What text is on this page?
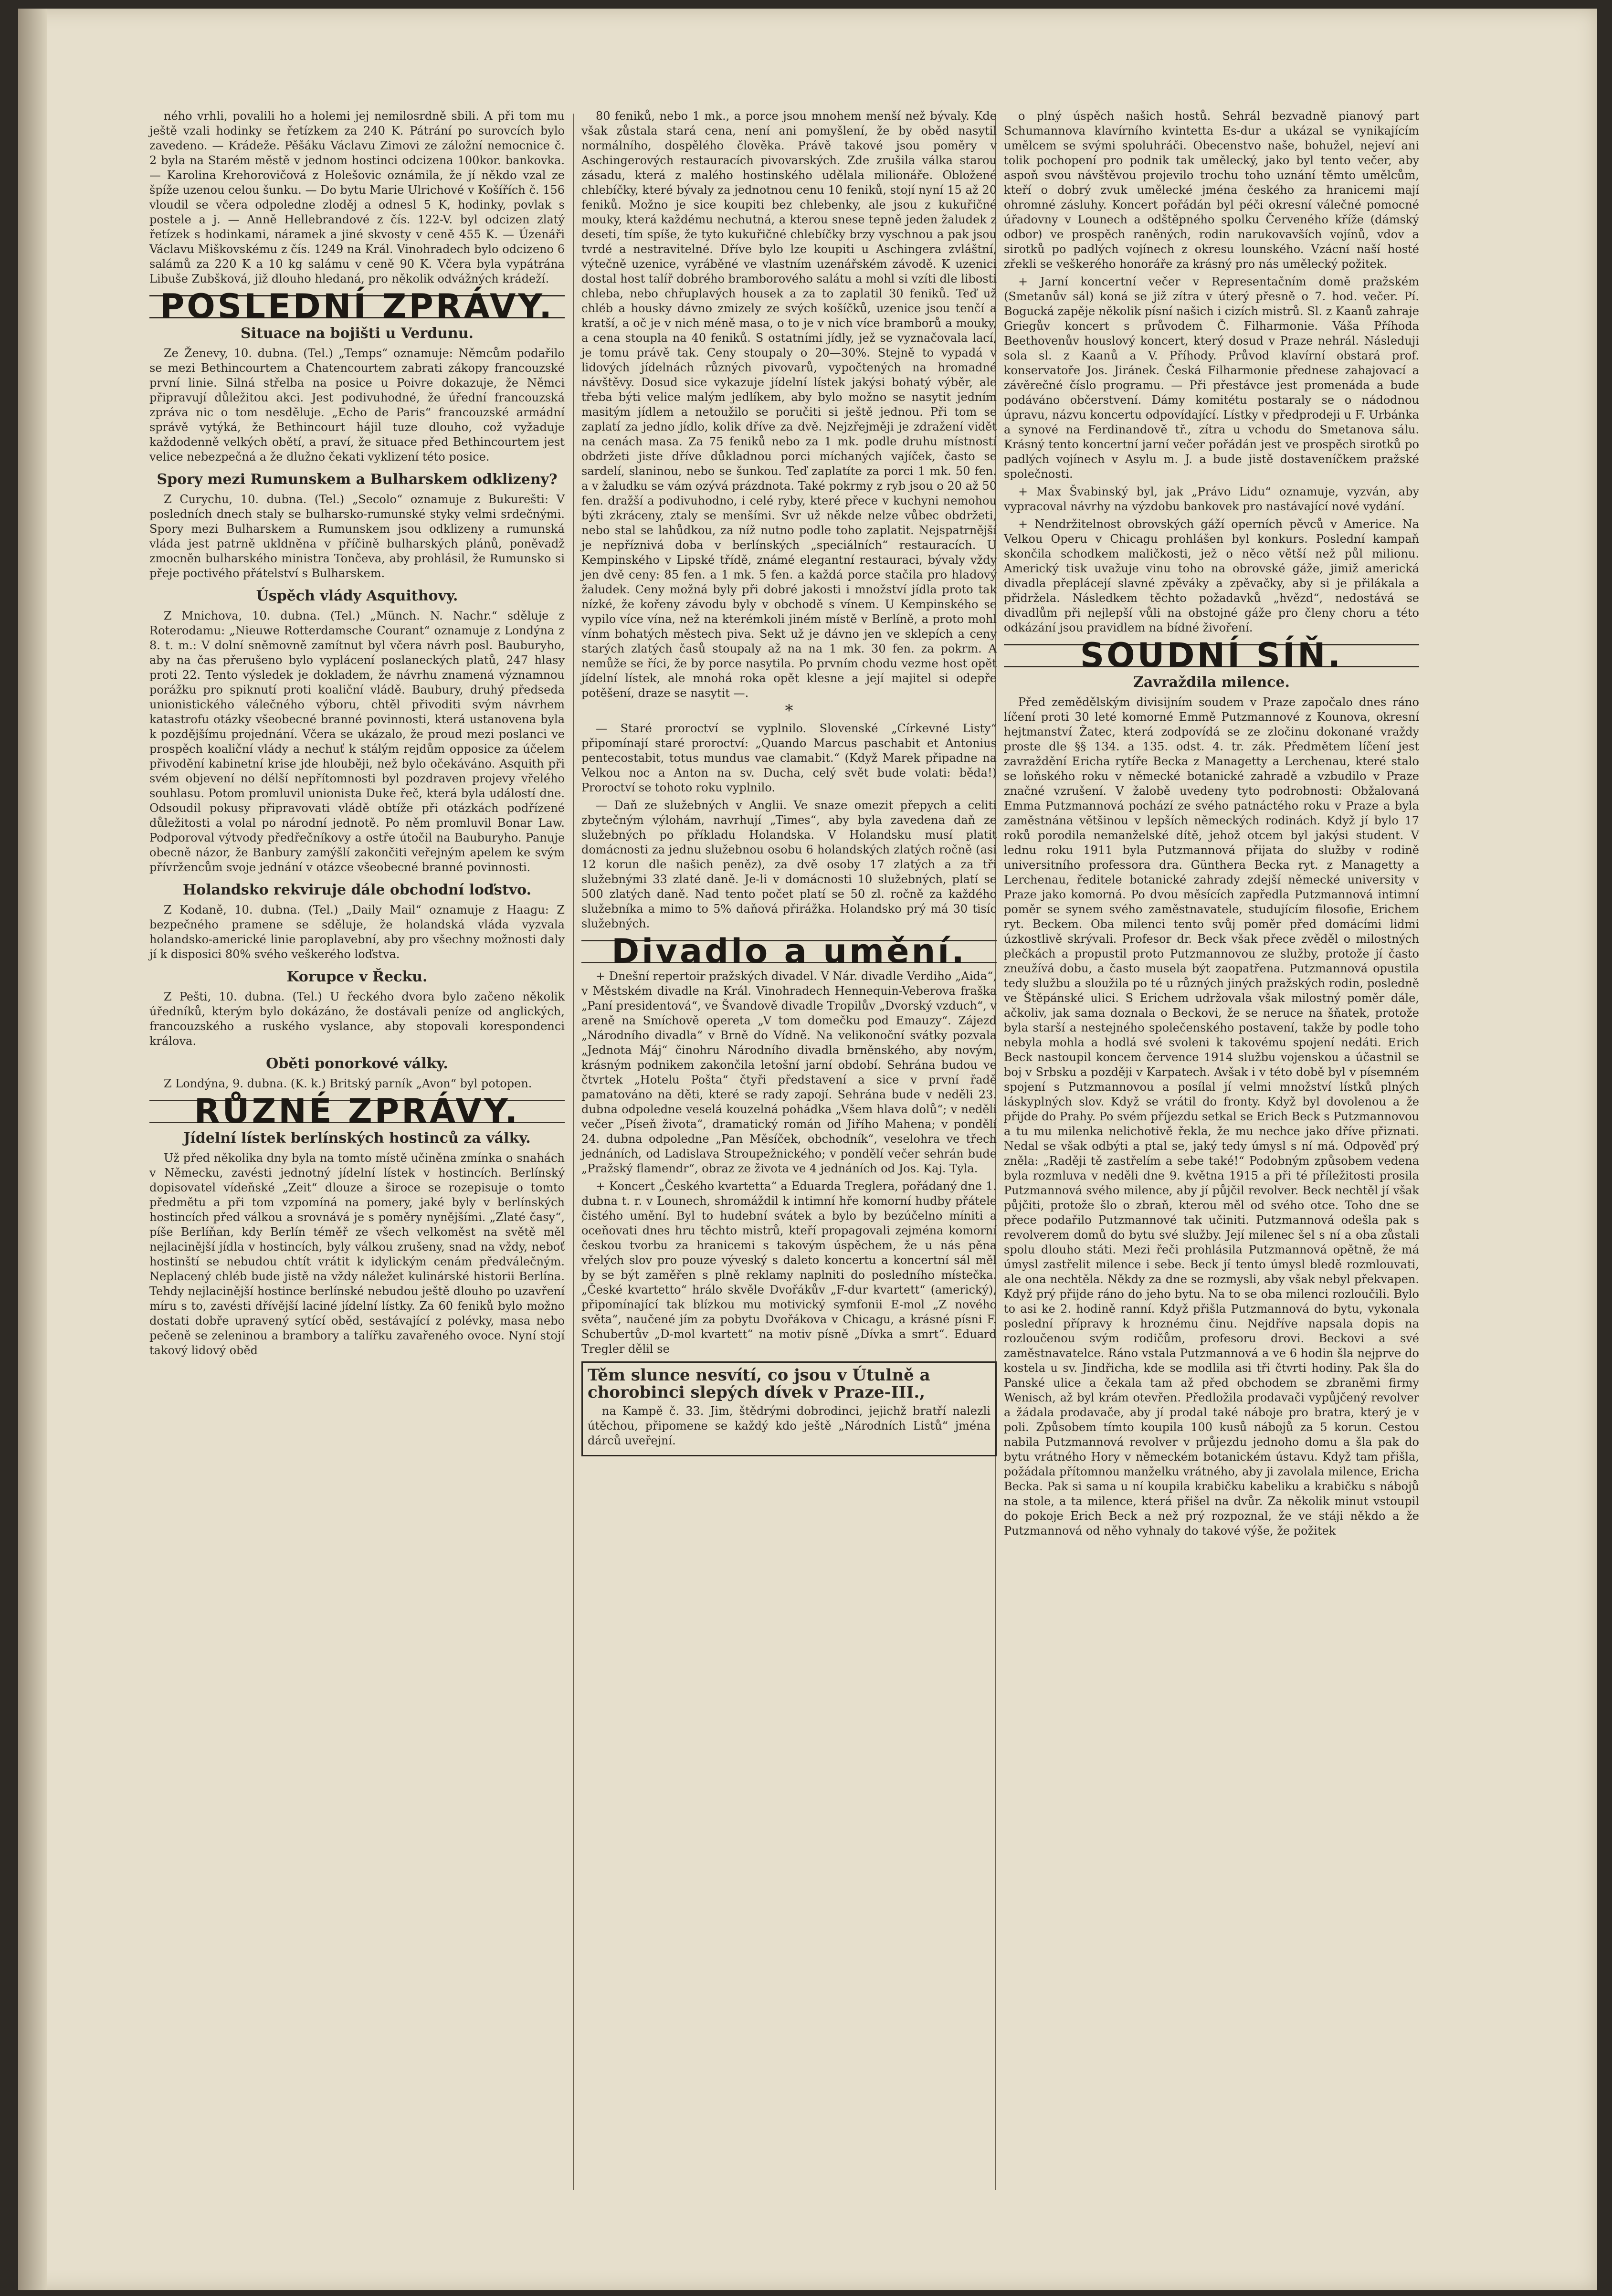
ného vrhli, povalili ho a holemi jej nemilosrdně sbili. A při tom mu ještě vzali hodinky se řetízkem za 240 K. Pátrání po surovcích bylo zavedeno. — Krádeže. Pěšáku Václavu Zimovi ze záložní nemocnice č. 2 byla na Starém městě v jednom hostinci odcizena 100kor. bankovka. — Karolina Krehorovičová z Holešovic oznámila, že jí někdo vzal ze špíže uzenou celou šunku. — Do bytu Marie Ulrichové v Košířích č. 156 vloudil se včera odpoledne zloděj a odnesl 5 K, hodinky, povlak s postele a j. — Anně Hellebrandové z čís. 122-V. byl odcizen zlatý řetízek s hodinkami, náramek a jiné skvosty v ceně 455 K. — Úzenáři Václavu Miškovskému z čís. 1249 na Král. Vinohradech bylo odcizeno 6 salámů za 220 K a 10 kg salámu v ceně 90 K. Včera byla vypátrána Libuše Zubšková, již dlouho hledaná, pro několik odvážných krádeží.

POSLEDNÍ ZPRÁVY.
Situace na bojišti u Verdunu.

Ze Ženevy, 10. dubna. (Tel.) „Temps“ oznamuje: Němcům podařilo se mezi Bethincourtem a Chatencourtem zabrati zákopy francouzské první linie. Silná střelba na posice u Poivre dokazuje, že Němci připravují důležitou akci. Jest podivuhodné, že úřední francouzská zpráva nic o tom nesděluje. „Echo de Paris“ francouzské armádní správě vytýká, že Bethincourt hájil tuze dlouho, což vyžaduje každodenně velkých obětí, a praví, že situace před Bethincourtem jest velice nebezpečná a že dlužno čekati vyklizení této posice.

Spory mezi Rumunskem a Bulharskem odklizeny?

Z Curychu, 10. dubna. (Tel.) „Secolo“ oznamuje z Bukurešti: V posledních dnech staly se bulharsko-rumunské styky velmi srdečnými. Spory mezi Bulharskem a Rumunskem jsou odklizeny a rumunská vláda jest patrně ukldněna v příčině bulharských plánů, poněvadž zmocněn bulharského ministra Tončeva, aby prohlásil, že Rumunsko si přeje poctivého přátelství s Bulharskem.

Úspěch vlády Asquithovy.

Z Mnichova, 10. dubna. (Tel.) „Münch. N. Nachr.“ sděluje z Roterodamu: „Nieuwe Rotterdamsche Courant“ oznamuje z Londýna z 8. t. m.: V dolní sněmovně zamítnut byl včera návrh posl. Bauburyho, aby na čas přerušeno bylo vyplácení poslaneckých platů, 247 hlasy proti 22. Tento výsledek je dokladem, že návrhu znamená významnou porážku pro spiknutí proti koaliční vládě. Baubury, druhý předseda unionistického válečného výboru, chtěl přivoditi svým návrhem katastrofu otázky všeobecné branné povinnosti, která ustanovena byla k pozdějšímu projednání. Včera se ukázalo, že proud mezi poslanci ve prospěch koaliční vlády a nechuť k stálým rejdům opposice za účelem přivodění kabinetní krise jde hlouběji, než bylo očekáváno. Asquith při svém objevení no délší nepřítomnosti byl pozdraven projevy vřelého souhlasu. Potom promluvil unionista Duke řeč, která byla událostí dne. Odsoudil pokusy připravovati vládě obtíže při otázkách podřízené důležitosti a volal po národní jednotě. Po něm promluvil Bonar Law. Podporoval výtvody předřečníkovy a ostře útočil na Bauburyho. Panuje obecně názor, že Banbury zamýšlí zakončiti veřejným apelem ke svým přívržencům svoje jednání v otázce všeobecné branné povinnosti.

Holandsko rekviruje dále obchodní loďstvo.

Z Kodaně, 10. dubna. (Tel.) „Daily Mail“ oznamuje z Haagu: Z bezpečného pramene se sděluje, že holandská vláda vyzvala holandsko-americké linie paroplavební, aby pro všechny možnosti daly jí k disposici 80% svého veškerého loďstva.

Korupce v Řecku.

Z Pešti, 10. dubna. (Tel.) U řeckého dvora bylo začeno několik úředníků, kterým bylo dokázáno, že dostávali peníze od anglických, francouzského a ruského vyslance, aby stopovali korespondenci králova.

Oběti ponorkové války.

Z Londýna, 9. dubna. (K. k.) Britský parník „Avon“ byl potopen.

RŮZNÉ ZPRÁVY.
Jídelní lístek berlínských hostinců za války.

Už před několika dny byla na tomto místě učiněna zmínka o snahách v Německu, zavésti jednotný jídelní lístek v hostincích. Berlínský dopisovatel vídeňské „Zeit“ dlouze a široce se rozepisuje o tomto předmětu a při tom vzpomíná na pomery, jaké byly v berlínských hostincích před válkou a srovnává je s poměry nynějšími. „Zlaté časy“, píše Berlíňan, kdy Berlín téměř ze všech velkoměst na světě měl nejlacinější jídla v hostincích, byly válkou zrušeny, snad na vždy, neboť hostinští se nebudou chtít vrátit k idylickým cenám předválečným. Neplacený chléb bude jistě na vždy náležet kulinárské historii Berlína. Tehdy nejlacinější hostince berlínské nebudou ještě dlouho po uzavření míru s to, zavésti dřívější laciné jídelní lístky. Za 60 feniků bylo možno dostati dobře upravený sytící oběd, sestávající z polévky, masa nebo pečeně se zeleninou a brambory a talířku zavařeného ovoce. Nyní stojí takový lidový oběd

80 feniků, nebo 1 mk., a porce jsou mnohem menší než bývaly. Kde však zůstala stará cena, není ani pomyšlení, že by oběd nasytil normálního, dospělého člověka. Právě takové jsou poměry v Aschingerových restauracích pivovarských. Zde zrušila válka starou zásadu, která z malého hostinského udělala milionáře. Obložené chlebíčky, které bývaly za jednotnou cenu 10 feniků, stojí nyní 15 až 20 feniků. Možno je sice koupiti bez chlebenky, ale jsou z kukuřičné mouky, která každému nechutná, a kterou snese tepně jeden žaludek z deseti, tím spíše, že tyto kukuřičné chlebíčky brzy vyschnou a pak jsou tvrdé a nestravitelné. Dříve bylo lze koupiti u Aschingera zvláštní, výtečně uzenice, vyráběné ve vlastním uzenářském závodě. K uzenici dostal host talíř dobrého bramborového salátu a mohl si vzíti dle libosti chleba, nebo chřuplavých housek a za to zaplatil 30 feniků. Teď už chléb a housky dávno zmizely ze svých košíčků, uzenice jsou tenčí a kratší, a oč je v nich méně masa, o to je v nich více bramborů a mouky, a cena stoupla na 40 feniků. S ostatními jídly, jež se vyznačovala lací, je tomu právě tak. Ceny stoupaly o 20—30%. Stejně to vypadá v lidových jídelnách různých pivovarů, vypočtených na hromadné návštěvy. Dosud sice vykazuje jídelní lístek jakýsi bohatý výběr, ale třeba býti velice malým jedlíkem, aby bylo možno se nasytit jedním masitým jídlem a netoužilo se poručiti si ještě jednou. Při tom se zaplatí za jedno jídlo, kolik dříve za dvě. Nejzřejměji je zdražení vidět na cenách masa. Za 75 feniků nebo za 1 mk. podle druhu místností obdržeti jiste dříve důkladnou porci míchaných vajíček, často se sardelí, slaninou, nebo se šunkou. Teď zaplatíte za porci 1 mk. 50 fen. a v žaludku se vám ozývá prázdnota. Také pokrmy z ryb jsou o 20 až 50 fen. dražší a podivuhodno, i celé ryby, které přece v kuchyni nemohou býti zkráceny, ztaly se menšími. Svr už někde nelze vůbec obdržeti, nebo stal se lahůdkou, za níž nutno podle toho zaplatit. Nejspatrnější je nepříznivá doba v berlínských „speciálních“ restauracích. U Kempinského v Lipské třídě, známé elegantní restauraci, bývaly vždy jen dvě ceny: 85 fen. a 1 mk. 5 fen. a každá porce stačila pro hladový žaludek. Ceny možná byly při dobré jakosti i množství jídla proto tak nízké, že kořeny závodu byly v obchodě s vínem. U Kempinského se vypilo více vína, než na kterémkoli jiném místě v Berlíně, a proto mohl vínm bohatých městech piva. Sekt už je dávno jen ve sklepích a ceny starých zlatých časů stoupaly až na na 1 mk. 30 fen. za pokrm. A nemůže se říci, že by porce nasytila. Po prvním chodu vezme host opět jídelní lístek, ale mnohá roka opět klesne a její majitel si odepře potěšení, draze se nasytit —.

*

— Staré proroctví se vyplnilo. Slovenské „Církevné Listy“ připomínají staré proroctví: „Quando Marcus paschabit et Antonius pentecostabit, totus mundus vae clamabit.“ (Když Marek připadne na Velkou noc a Anton na sv. Ducha, celý svět bude volati: běda!) Proroctví se tohoto roku vyplnilo.

— Daň ze služebných v Anglii. Ve snaze omezit přepych a celiti zbytečným výlohám, navrhují „Times“, aby byla zavedena daň ze služebných po příkladu Holandska. V Holandsku musí platit domácnosti za jednu služebnou osobu 6 holandských zlatých ročně (asi 12 korun dle našich peněz), za dvě osoby 17 zlatých a za tři služebnými 33 zlaté daně. Je-li v domácnosti 10 služebných, platí se 500 zlatých daně. Nad tento počet platí se 50 zl. ročně za každého služebníka a mimo to 5% daňová přirážka. Holandsko prý má 30 tisíc služebných.

Divadlo a umění.

+ Dnešní repertoir pražských divadel. V Nár. divadle Verdiho „Aida“, v Městském divadle na Král. Vinohradech Hennequin-Veberova fraška „Paní presidentová“, ve Švandově divadle Tropilův „Dvorský vzduch“, v areně na Smíchově opereta „V tom domečku pod Emauzy“. Zájezd „Národního divadla“ v Brně do Vídně. Na velikonoční svátky pozvala „Jednota Máj“ činohru Národního divadla brněnského, aby novým, krásným podnikem zakončila letošní jarní období. Sehrána budou ve čtvrtek „Hotelu Pošta“ čtyři představení a sice v první řadě pamatováno na děti, které se rady zapojí. Sehrána bude v neděli 23. dubna odpoledne veselá kouzelná pohádka „Všem hlava dolů“; v neděli večer „Píseň života“, dramatický román od Jiřího Mahena; v pondělí 24. dubna odpoledne „Pan Měsíček, obchodník“, veselohra ve třech jednáních, od Ladislava Stroupežnického; v pondělí večer sehrán bude „Pražský flamendr“, obraz ze života ve 4 jednáních od Jos. Kaj. Tyla.

+ Koncert „Českého kvartetta“ a Eduarda Treglera, pořádaný dne 1. dubna t. r. v Lounech, shromáždil k intimní hře komorní hudby přátele čistého umění. Byl to hudební svátek a bylo by bezúčelno míniti a oceňovati dnes hru těchto mistrů, kteří propagovali zejména komorní českou tvorbu za hranicemi s takovým úspěchem, že u nás pěna vřelých slov pro pouze výveský s daleto koncertu a koncertní sál měl by se být zaměřen s plně reklamy naplniti do posledního místečka. „České kvartetto“ hrálo skvěle Dvořákův „F-dur kvartett“ (americký), připomínající tak blízkou mu motivický symfonii E-mol „Z nového světa“, naučené jím za pobytu Dvořákova v Chicagu, a krásné písni F. Schubertův „D-mol kvartett“ na motiv písně „Dívka a smrt“. Eduard Tregler dělil se

Těm slunce nesvítí, co jsou v Útulně a chorobinci slepých dívek v Praze-III.,

na Kampě č. 33. Jim, štědrými dobrodinci, jejichž bratří nalezli útěchou, připomene se každý kdo ještě „Národních Listů“ jména dárců uveřejní.

o plný úspěch našich hostů. Sehrál bezvadně pianový part Schumannova klavírního kvintetta Es-dur a ukázal se vynikajícím umělcem se svými spoluhráči. Obecenstvo naše, bohužel, nejeví ani tolik pochopení pro podnik tak umělecký, jako byl tento večer, aby aspoň svou návštěvou projevilo trochu toho uznání těmto umělcům, kteří o dobrý zvuk umělecké jména českého za hranicemi mají ohromné zásluhy. Koncert pořádán byl péči okresní válečné pomocné úřadovny v Lounech a odštěpného spolku Červeného kříže (dámský odbor) ve prospěch raněných, rodin narukovavších vojínů, vdov a sirotků po padlých vojínech z okresu lounského. Vzácní naší hosté zřekli se veškerého honoráře za krásný pro nás umělecký požitek.

+ Jarní koncertní večer v Representačním domě pražském (Smetanův sál) koná se již zítra v úterý přesně o 7. hod. večer. Pí. Bogucká zapěje několik písní našich i cizích mistrů. Sl. z Kaanů zahraje Griegův koncert s průvodem Č. Filharmonie. Váša Příhoda Beethovenův houslový koncert, který dosud v Praze nehrál. Následuji sola sl. z Kaanů a V. Příhody. Průvod klavírní obstará prof. konservatoře Jos. Jiránek. Česká Filharmonie přednese zahajovací a závěrečné číslo programu. — Při přestávce jest promenáda a bude podáváno občerstvení. Dámy komitétu postaraly se o nádodnou úpravu, názvu koncertu odpovídající. Lístky v předprodeji u F. Urbánka a synové na Ferdinandově tř., zítra u vchodu do Smetanova sálu. Krásný tento koncertní jarní večer pořádán jest ve prospěch sirotků po padlých vojínech v Asylu m. J. a bude jistě dostaveníčkem pražské společnosti.

+ Max Švabinský byl, jak „Právo Lidu“ oznamuje, vyzván, aby vypracoval návrhy na výzdobu bankovek pro nastávající nové vydání.

+ Nendržitelnost obrovských gáží operních pěvců v Americe. Na Velkou Operu v Chicagu prohlášen byl konkurs. Poslední kampaň skončila schodkem maličkosti, jež o něco větší než půl milionu. Americký tisk uvažuje vinu toho na obrovské gáže, jimiž americká divadla přeplácejí slavné zpěváky a zpěvačky, aby si je přilákala a přidržela. Následkem těchto požadavků „hvězd“, nedostává se divadlům při nejlepší vůli na obstojné gáže pro členy choru a této odkázání jsou pravidlem na bídné živoření.

SOUDNÍ SÍŇ.
Zavraždila milence.

Před zemědělským divisijním soudem v Praze započalo dnes ráno líčení proti 30 leté komorné Emmě Putzmannové z Kounova, okresní hejtmanství Žatec, která zodpovídá se ze zločinu dokonané vraždy proste dle §§ 134. a 135. odst. 4. tr. zák. Předmětem líčení jest zavraždění Ericha rytíře Becka z Managetty a Lerchenau, které stalo se loňského roku v německé botanické zahradě a vzbudilo v Praze značné vzrušení. V žalobě uvedeny tyto podrobnosti: Obžalovaná Emma Putzmannová pochází ze svého patnáctého roku v Praze a byla zaměstnána většinou v lepších německých rodinách. Když jí bylo 17 roků porodila nemanželské dítě, jehož otcem byl jakýsi student. V lednu roku 1911 byla Putzmannová přijata do služby v rodině universitního professora dra. Günthera Becka ryt. z Managetty a Lerchenau, ředitele botanické zahrady zdejší německé university v Praze jako komorná. Po dvou měsících zapředla Putzmannová intimní poměr se synem svého zaměstnavatele, studujícím filosofie, Erichem ryt. Beckem. Oba milenci tento svůj poměr před domácími lidmi úzkostlivě skrývali. Profesor dr. Beck však přece zvěděl o milostných plečkách a propustil proto Putzmannovou ze služby, protože jí často zneužívá dobu, a často musela být zaopatřena. Putzmannová opustila tedy službu a sloužila po té u různých jiných pražských rodin, posledně ve Štěpánské ulici. S Erichem udržovala však milostný poměr dále, ačkoliv, jak sama doznala o Beckovi, že se neruce na šňatek, protože byla starší a nestejného společenského postavení, takže by podle toho nebyla mohla a hodlá své svoleni k takovému spojení nedáti. Erich Beck nastoupil koncem července 1914 službu vojenskou a účastnil se boj v Srbsku a později v Karpatech. Avšak i v této době byl v písemném spojení s Putzmannovou a posílal jí velmi množství lístků plných láskyplných slov. Když se vrátil do fronty. Když byl dovolenou a že přijde do Prahy. Po svém příjezdu setkal se Erich Beck s Putzmannovou a tu mu milenka nelichotivě řekla, že mu nechce jako dříve přiznati. Nedal se však odbýti a ptal se, jaký tedy úmysl s ní má. Odpověď prý zněla: „Raději tě zastřelím a sebe také!“ Podobným způsobem vedena byla rozmluva v neděli dne 9. května 1915 a při té příležitosti prosila Putzmannová svého milence, aby jí půjčil revolver. Beck nechtěl jí však půjčiti, protože šlo o zbraň, kterou měl od svého otce. Toho dne se přece podařilo Putzmannové tak učiniti. Putzmannová odešla pak s revolverem domů do bytu své služby. Její milenec šel s ní a oba zůstali spolu dlouho státi. Mezi řeči prohlásila Putzmannová opětně, že má úmysl zastřelit milence i sebe. Beck jí tento úmysl bledě rozmlouvati, ale ona nechtěla. Někdy za dne se rozmysli, aby však nebyl překvapen. Když prý přijde ráno do jeho bytu. Na to se oba milenci rozloučili. Bylo to asi ke 2. hodině ranní. Když přišla Putzmannová do bytu, vykonala poslední přípravy k hroznému činu. Nejdříve napsala dopis na rozloučenou svým rodičům, profesoru drovi. Beckovi a své zaměstnavatelce. Ráno vstala Putzmannová a ve 6 hodin šla nejprve do kostela u sv. Jindřicha, kde se modlila asi tři čtvrti hodiny. Pak šla do Panské ulice a čekala tam až před obchodem se zbraněmi firmy Wenisch, až byl krám otevřen. Předložila prodavači vypůjčený revolver a žádala prodavače, aby jí prodal také náboje pro bratra, který je v poli. Způsobem tímto koupila 100 kusů nábojů za 5 korun. Cestou nabila Putzmannová revolver v průjezdu jednoho domu a šla pak do bytu vrátného Hory v německém botanickém ústavu. Když tam přišla, požádala přítomnou manželku vrátného, aby ji zavolala milence, Ericha Becka. Pak si sama u ní koupila krabičku kabeliku a krabičku s nábojů na stole, a ta milence, která přišel na dvůr. Za několik minut vstoupil do pokoje Erich Beck a než prý rozpoznal, že ve stáji někdo a že Putzmannová od něho vyhnaly do takové výše, že požitek
